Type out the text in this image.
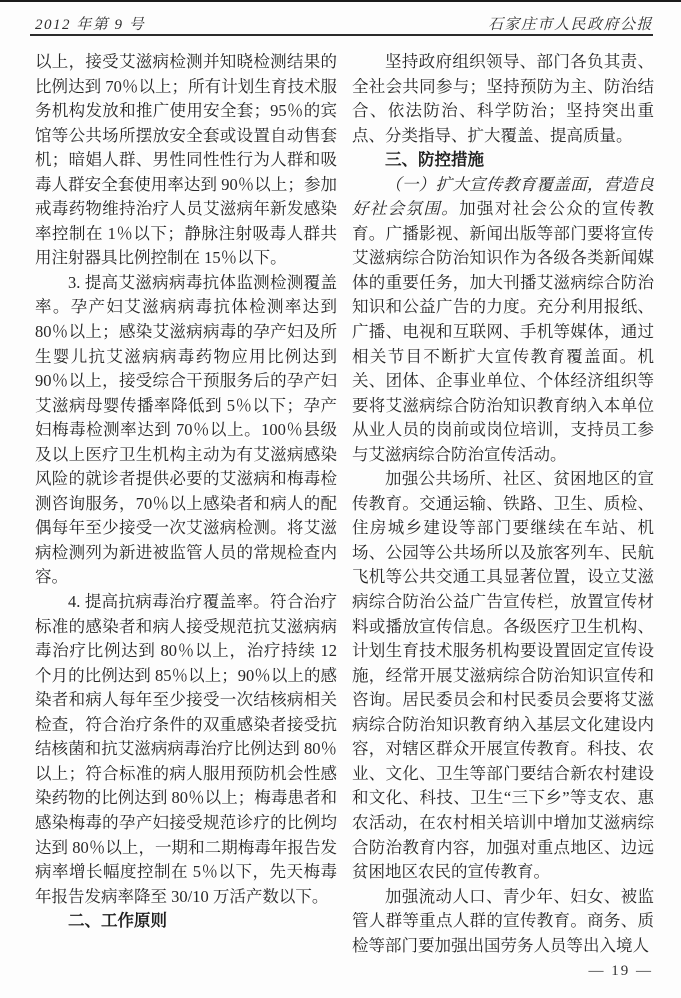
2012 年第 9 号	石家庄市人民政府公报

以上，接受艾滋病检测并知晓检测结果的比例达到 70％以上；所有计划生育技术服务机构发放和推广使用安全套；95％的宾馆等公共场所摆放安全套或设置自动售套机；暗娼人群、男性同性性行为人群和吸毒人群安全套使用率达到 90％以上；参加戒毒药物维持治疗人员艾滋病年新发感染率控制在 1％以下；静脉注射吸毒人群共用注射器具比例控制在 15％以下。

3. 提高艾滋病病毒抗体监测检测覆盖率。孕产妇艾滋病病毒抗体检测率达到 80％以上；感染艾滋病病毒的孕产妇及所生婴儿抗艾滋病病毒药物应用比例达到 90％以上，接受综合干预服务后的孕产妇艾滋病母婴传播率降低到 5％以下；孕产妇梅毒检测率达到 70％以上。100％县级及以上医疗卫生机构主动为有艾滋病感染风险的就诊者提供必要的艾滋病和梅毒检测咨询服务，70％以上感染者和病人的配偶每年至少接受一次艾滋病检测。将艾滋病检测列为新进被监管人员的常规检查内容。

4. 提高抗病毒治疗覆盖率。符合治疗标准的感染者和病人接受规范抗艾滋病病毒治疗比例达到 80％以上，治疗持续 12 个月的比例达到 85％以上；90％以上的感染者和病人每年至少接受一次结核病相关检查，符合治疗条件的双重感染者接受抗结核菌和抗艾滋病病毒治疗比例达到 80％以上；符合标准的病人服用预防机会性感染药物的比例达到 80％以上；梅毒患者和感染梅毒的孕产妇接受规范诊疗的比例均达到 80％以上，一期和二期梅毒年报告发病率增长幅度控制在 5％以下，先天梅毒年报告发病率降至 30/10 万活产数以下。

二、工作原则

坚持政府组织领导、部门各负其责、全社会共同参与；坚持预防为主、防治结合、依法防治、科学防治；坚持突出重点、分类指导、扩大覆盖、提高质量。

三、防控措施

（一）扩大宣传教育覆盖面，营造良好社会氛围。加强对社会公众的宣传教育。广播影视、新闻出版等部门要将宣传艾滋病综合防治知识作为各级各类新闻媒体的重要任务，加大刊播艾滋病综合防治知识和公益广告的力度。充分利用报纸、广播、电视和互联网、手机等媒体，通过相关节目不断扩大宣传教育覆盖面。机关、团体、企事业单位、个体经济组织等要将艾滋病综合防治知识教育纳入本单位从业人员的岗前或岗位培训，支持员工参与艾滋病综合防治宣传活动。

加强公共场所、社区、贫困地区的宣传教育。交通运输、铁路、卫生、质检、住房城乡建设等部门要继续在车站、机场、公园等公共场所以及旅客列车、民航飞机等公共交通工具显著位置，设立艾滋病综合防治公益广告宣传栏，放置宣传材料或播放宣传信息。各级医疗卫生机构、计划生育技术服务机构要设置固定宣传设施，经常开展艾滋病综合防治知识宣传和咨询。居民委员会和村民委员会要将艾滋病综合防治知识教育纳入基层文化建设内容，对辖区群众开展宣传教育。科技、农业、文化、卫生等部门要结合新农村建设和文化、科技、卫生“三下乡”等支农、惠农活动，在农村相关培训中增加艾滋病综合防治教育内容，加强对重点地区、边远贫困地区农民的宣传教育。

加强流动人口、青少年、妇女、被监管人群等重点人群的宣传教育。商务、质检等部门要加强出国劳务人员等出入境人

— 19 —
